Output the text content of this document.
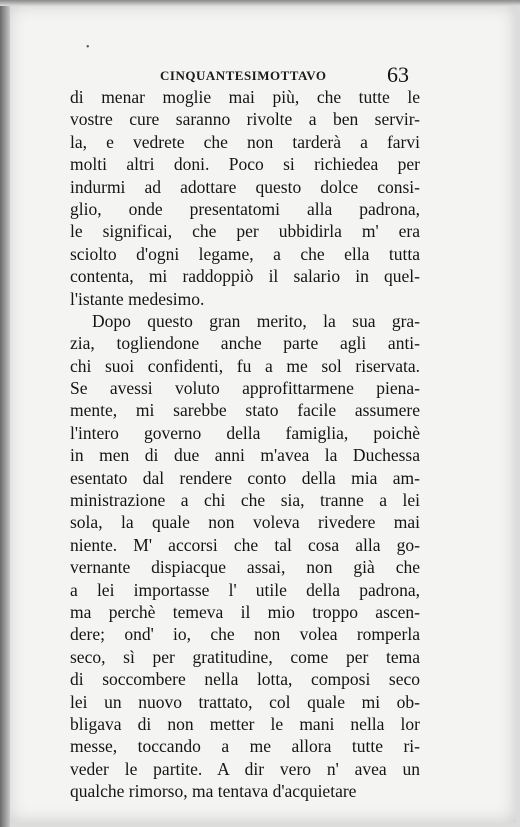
•
CINQUANTESIMOTTAVO	63
di menar moglie mai più, che tutte le
vostre cure saranno rivolte a ben servir-
la, e vedrete che non tarderà a farvi
molti altri doni. Poco si richiedea per
indurmi ad adottare questo dolce consi-
glio, onde presentatomi alla padrona,
le significai, che per ubbidirla m' era
sciolto d'ogni legame, a che ella tutta
contenta, mi raddoppiò il salario in quel-
l'istante medesimo.
Dopo questo gran merito, la sua gra-
zia, togliendone anche parte agli anti-
chi suoi confidenti, fu a me sol riservata.
Se avessi voluto approfittarmene piena-
mente, mi sarebbe stato facile assumere
l'intero governo della famiglia, poichè
in men di due anni m'avea la Duchessa
esentato dal rendere conto della mia am-
ministrazione a chi che sia, tranne a lei
sola, la quale non voleva rivedere mai
niente. M' accorsi che tal cosa alla go-
vernante dispiacque assai, non già che
a lei importasse l' utile della padrona,
ma perchè temeva il mio troppo ascen-
dere; ond' io, che non volea romperla
seco, sì per gratitudine, come per tema
di soccombere nella lotta, composi seco
lei un nuovo trattato, col quale mi ob-
bligava di non metter le mani nella lor
messe, toccando a me allora tutte ri-
veder le partite. A dir vero n' avea un
qualche rimorso, ma tentava d'acquietare
